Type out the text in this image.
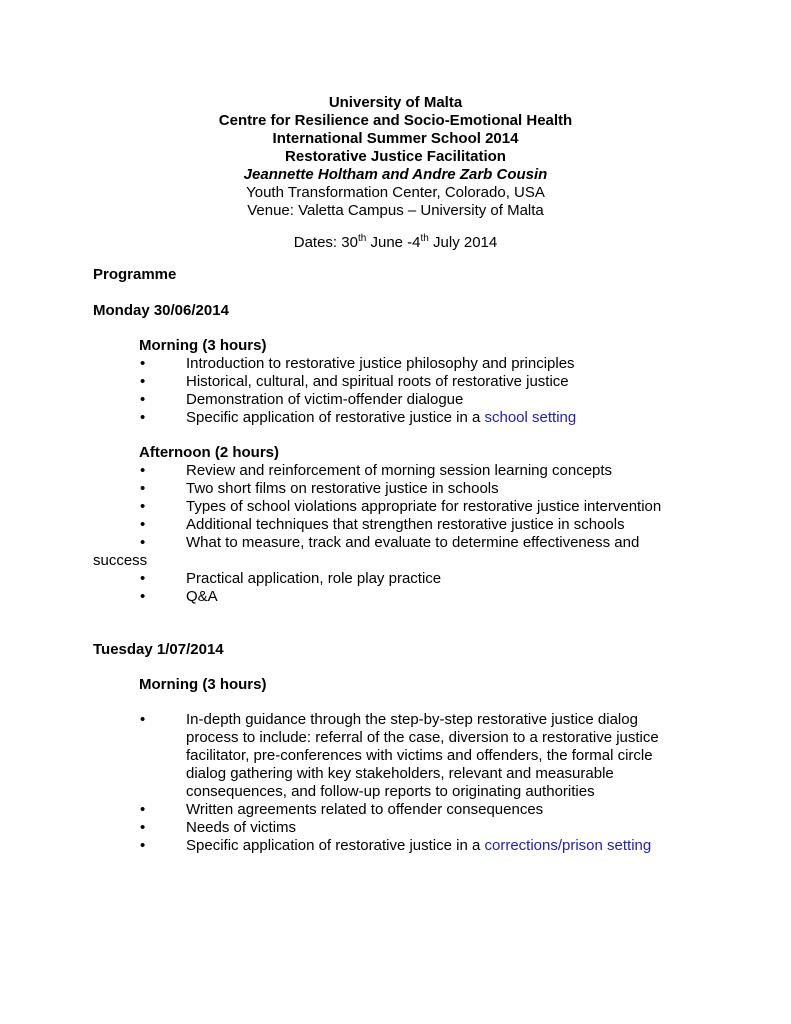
University of Malta
Centre for Resilience and Socio-Emotional Health
International Summer School 2014
Restorative Justice Facilitation
Jeannette Holtham and Andre Zarb Cousin
Youth Transformation Center, Colorado, USA
Venue: Valetta Campus – University of Malta
Dates: 30th June -4th July 2014
Programme
Monday 30/06/2014
Morning (3 hours)
• Introduction to restorative justice philosophy and principles
• Historical, cultural, and spiritual roots of restorative justice
• Demonstration of victim-offender dialogue
• Specific application of restorative justice in a school setting
Afternoon (2 hours)
• Review and reinforcement of morning session learning concepts
• Two short films on restorative justice in schools
• Types of school violations appropriate for restorative justice intervention
• Additional techniques that strengthen restorative justice in schools
• What to measure, track and evaluate to determine effectiveness and
success
• Practical application, role play practice
• Q&A
Tuesday 1/07/2014
Morning (3 hours)
• In-depth guidance through the step-by-step restorative justice dialog process to include: referral of the case, diversion to a restorative justice facilitator, pre-conferences with victims and offenders, the formal circle dialog gathering with key stakeholders, relevant and measurable consequences, and follow-up reports to originating authorities
• Written agreements related to offender consequences
• Needs of victims
• Specific application of restorative justice in a corrections/prison setting
